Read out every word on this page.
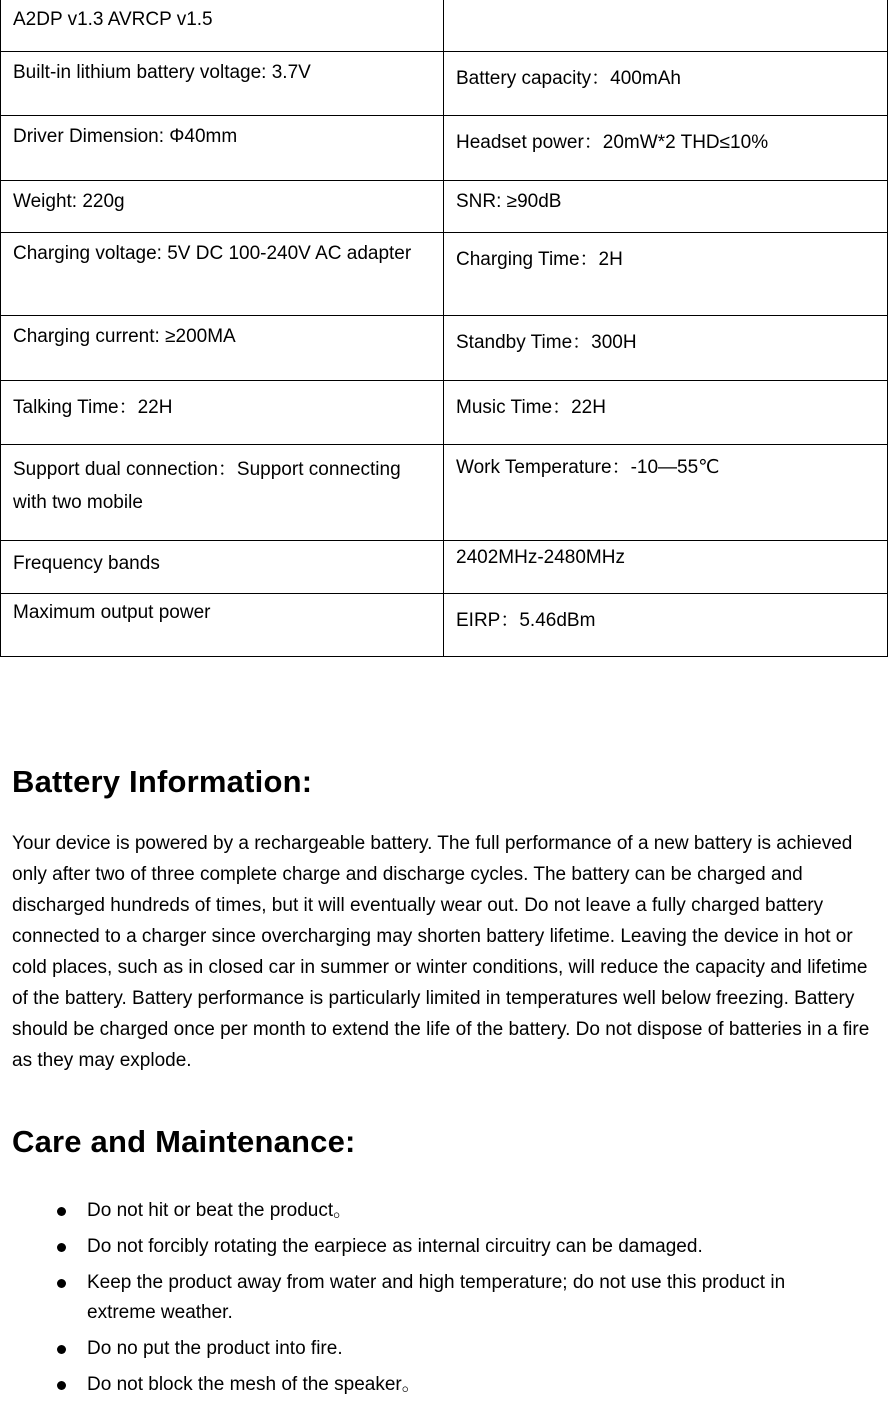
A2DP v1.3 AVRCP v1.5	
Built-in lithium battery voltage: 3.7V	Battery capacity：400mAh
Driver Dimension: Φ40mm	Headset power：20mW*2 THD≤10%
Weight: 220g	SNR: ≥90dB
Charging voltage: 5V DC 100-240V AC adapter	Charging Time：2H
Charging current: ≥200MA	Standby Time：300H
Talking Time：22H	Music Time：22H
Support dual connection：Support connecting with two mobile	Work Temperature：-10—55℃
Frequency bands	2402MHz-2480MHz
Maximum output power	EIRP：5.46dBm
Battery Information:

Your device is powered by a rechargeable battery. The full performance of a new battery is achieved only after two of three complete charge and discharge cycles. The battery can be charged and discharged hundreds of times, but it will eventually wear out. Do not leave a fully charged battery connected to a charger since overcharging may shorten battery lifetime. Leaving the device in hot or cold places, such as in closed car in summer or winter conditions, will reduce the capacity and lifetime of the battery. Battery performance is particularly limited in temperatures well below freezing. Battery should be charged once per month to extend the life of the battery. Do not dispose of batteries in a fire as they may explode.

Care and Maintenance:
Do not hit or beat the product。
Do not forcibly rotating the earpiece as internal circuitry can be damaged.
Keep the product away from water and high temperature; do not use this product in extreme weather.
Do no put the product into fire.
Do not block the mesh of the speaker。
